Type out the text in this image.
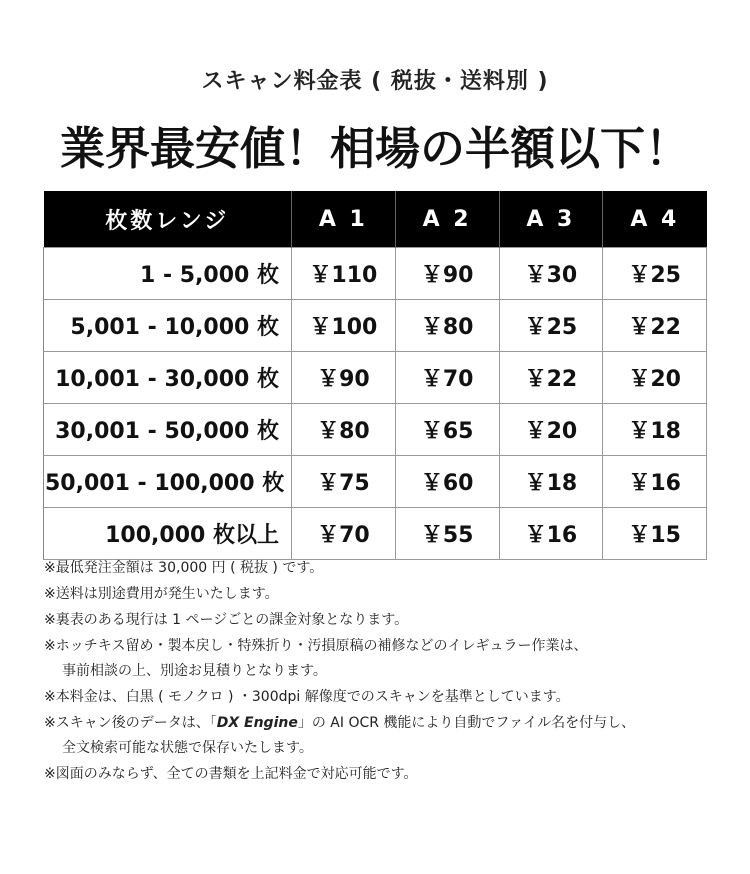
スキャン料金表 ( 税抜・送料別 )
業界最安値！相場の半額以下！
枚数レンジ	A 1	A 2	A 3	A 4
1 - 5,000 枚	￥110	￥90	￥30	￥25
5,001 - 10,000 枚	￥100	￥80	￥25	￥22
10,001 - 30,000 枚	￥90	￥70	￥22	￥20
30,001 - 50,000 枚	￥80	￥65	￥20	￥18
50,001 - 100,000 枚	￥75	￥60	￥18	￥16
100,000 枚以上	￥70	￥55	￥16	￥15
※最低発注金額は 30,000 円 ( 税抜 ) です。
※送料は別途費用が発生いたします。
※裏表のある現行は 1 ページごとの課金対象となります。
※ホッチキス留め・製本戻し・特殊折り・汚損原稿の補修などのイレギュラー作業は、
事前相談の上、別途お見積りとなります。
※本料金は、白黒 ( モノクロ ) ・300dpi 解像度でのスキャンを基準としています。
※スキャン後のデータは、「DX Engine」の AI OCR 機能により自動でファイル名を付与し、
全文検索可能な状態で保存いたします。
※図面のみならず、全ての書類を上記料金で対応可能です。
